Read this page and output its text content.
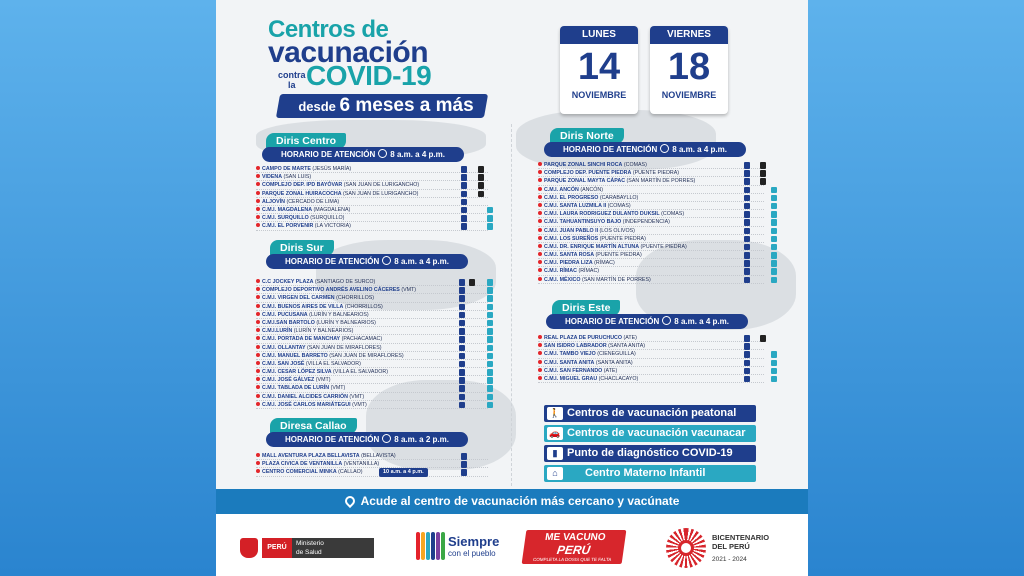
Centros de
vacunación
contra
la COVID-19
desde 6 meses a más
LUNES
14
NOVIEMBRE
VIERNES
18
NOVIEMBRE
Diris Centro
HORARIO DE ATENCIÓN 8 a.m. a 4 p.m.
CAMPO DE MARTE (JESÚS MARÍA)
VIDENA (SAN LUIS)
COMPLEJO DEP. IPD BAYÓVAR (SAN JUAN DE LURIGANCHO)
PARQUE ZONAL HUIRACOCHA (SAN JUAN DE LURIGANCHO)
ALJOVÍN (CERCADO DE LIMA)
C.M.I. MAGDALENA (MAGDALENA)
C.M.I. SURQUILLO (SURQUILLO)
C.M.I. EL PORVENIR (LA VICTORIA)
Diris Sur
HORARIO DE ATENCIÓN 8 a.m. a 4 p.m.
C.C JOCKEY PLAZA (SANTIAGO DE SURCO)
COMPLEJO DEPORTIVO ANDRÉS AVELINO CÁCERES (VMT)
C.M.I. VIRGEN DEL CARMEN (CHORRILLOS)
C.M.I. BUENOS AIRES DE VILLA (CHORRILLOS)
C.M.I. PUCUSANA (LURÍN Y BALNEARIOS)
C.M.I.SAN BARTOLO (LURÍN Y BALNEARIOS)
C.M.I.LURÍN (LURÍN Y BALNEARIOS)
C.M.I. PORTADA DE MANCHAY (PACHACAMAC)
C.M.I. OLLANTAY (SAN JUAN DE MIRAFLORES)
C.M.I. MANUEL BARRETO (SAN JUAN DE MIRAFLORES)
C.M.I. SAN JOSÉ (VILLA EL SALVADOR)
C.M.I. CESAR LÓPEZ SILVA (VILLA EL SALVADOR)
C.M.I. JOSÉ GÁLVEZ (VMT)
C.M.I. TABLADA DE LURÍN (VMT)
C.M.I. DANIEL ALCIDES CARRIÓN (VMT)
C.M.I. JOSÉ CARLOS MARIÁTEGUI (VMT)
Diresa Callao
HORARIO DE ATENCIÓN 8 a.m. a 2 p.m.
MALL AVENTURA PLAZA BELLAVISTA (BELLAVISTA)
PLAZA CIVICA DE VENTANILLA (VENTANILLA)
CENTRO COMERCIAL MINKA (CALLAO)	10 a.m. a 4 p.m.
Diris Norte
HORARIO DE ATENCIÓN 8 a.m. a 4 p.m.
PARQUE ZONAL SINCHI ROCA (COMAS)
COMPLEJO DEP. PUENTE PIEDRA (PUENTE PIEDRA)
PARQUE ZONAL MAYTA CÁPAC (SAN MARTÍN DE PORRES)
C.M.I. ANCÓN (ANCÓN)
C.M.I. EL PROGRESO (CARABAYLLO)
C.M.I. SANTA LUZMILA II (COMAS)
C.M.I. LAURA RODRIGUEZ DULANTO DUKSIL (COMAS)
C.M.I. TAHUANTINSUYO BAJO (INDEPENDENCIA)
C.M.I. JUAN PABLO II (LOS OLIVOS)
C.M.I. LOS SUREÑOS (PUENTE PIEDRA)
C.M.I. DR. ENRIQUE MARTÍN ALTUNA (PUENTE PIEDRA)
C.M.I. SANTA ROSA (PUENTE PIEDRA)
C.M.I. PIEDRA LIZA (RÍMAC)
C.M.I. RÍMAC (RÍMAC)
C.M.I. MÉXICO (SAN MARTÍN DE PORRES)
Diris Este
HORARIO DE ATENCIÓN 8 a.m. a 4 p.m.
REAL PLAZA DE PURUCHUCO (ATE)
SAN ISIDRO LABRADOR (SANTA ANITA)
C.M.I. TAMBO VIEJO (CIENEGUILLA)
C.M.I. SANTA ANITA (SANTA ANITA)
C.M.I. SAN FERNANDO (ATE)
C.M.I. MIGUEL GRAU (CHACLACAYO)
🚶 Centros de vacunación peatonal
🚗 Centros de vacunación vacunacar
▮ Punto de diagnóstico COVID-19
⌂ Centro Materno Infantil
Acude al centro de vacunación más cercano y vacúnate
PERÚ
Ministerio
de Salud
Siempre
con el pueblo
ME VACUNO
PERÚ
COMPLETA LA DOSIS QUE TE FALTA
BICENTENARIO
DEL PERÚ
2021 - 2024
